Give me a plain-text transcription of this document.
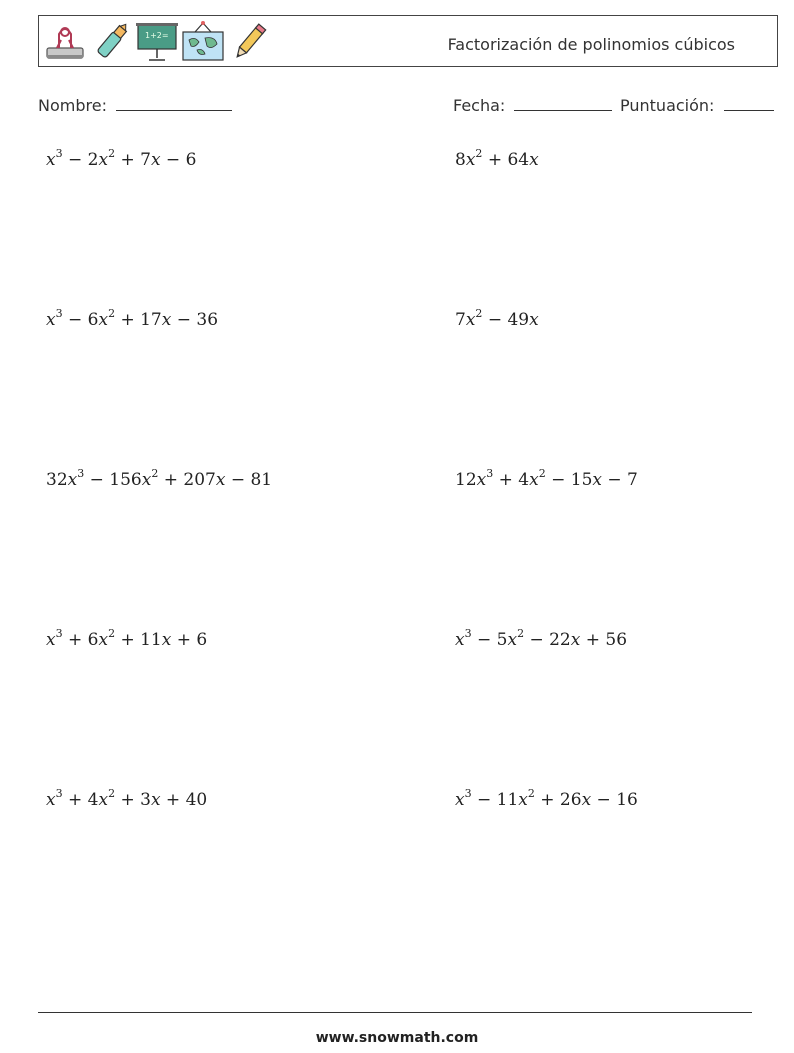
1+2=	Factorización de polinomios cúbicos
Nombre:	Fecha:	Puntuación:
$x^3 - 2x^2 + 7x - 6$	$8x^2 + 64x$
$x^3 - 6x^2 + 17x - 36$	$7x^2 - 49x$
$32x^3 - 156x^2 + 207x - 81$	$12x^3 + 4x^2 - 15x - 7$
$x^3 + 6x^2 + 11x + 6$	$x^3 - 5x^2 - 22x + 56$
$x^3 + 4x^2 + 3x + 40$	$x^3 - 11x^2 + 26x - 16$
www.snowmath.com
